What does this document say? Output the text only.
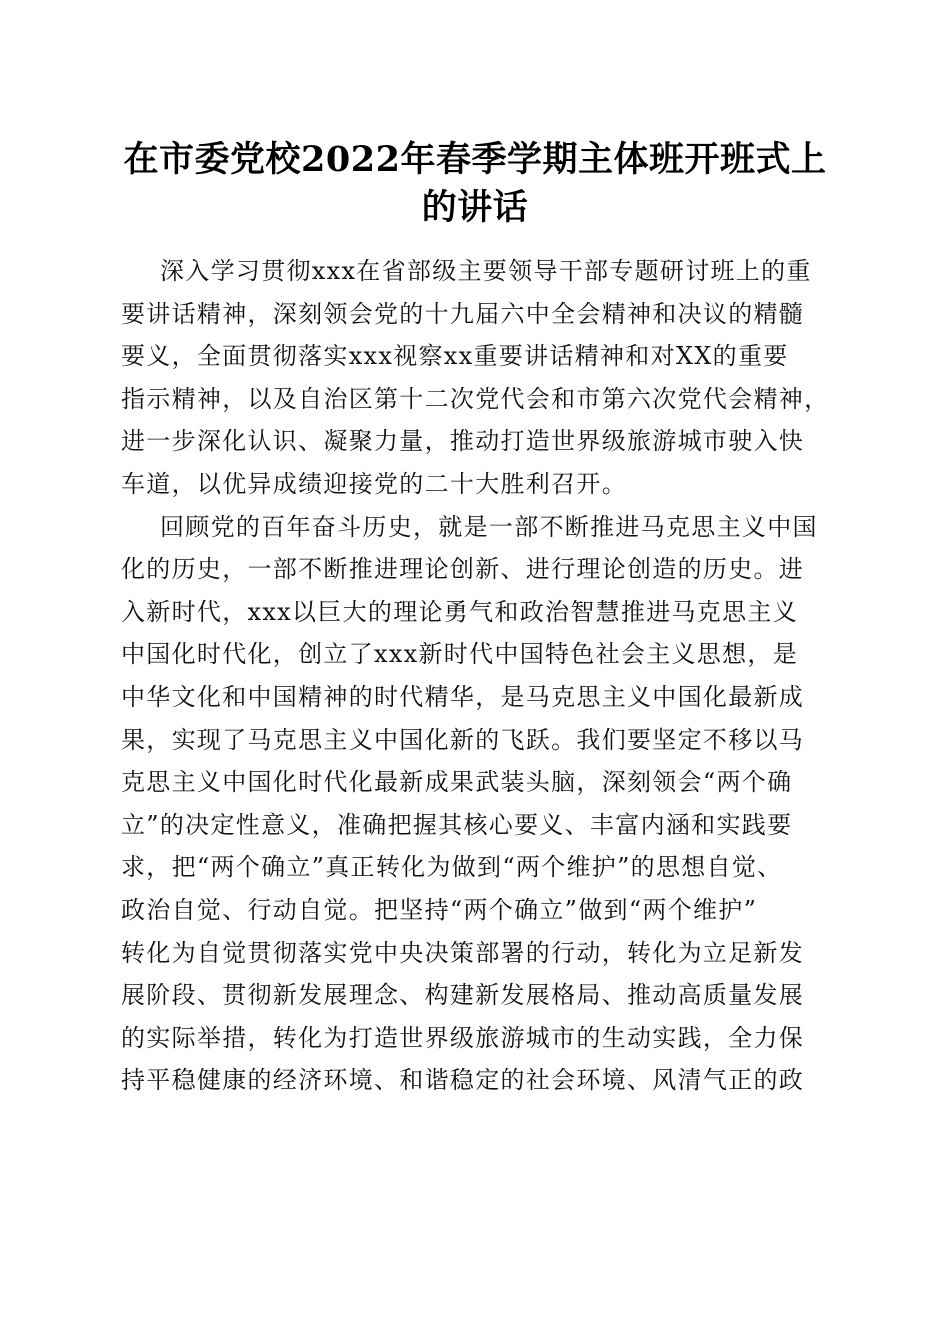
在市委党校2022年春季学期主体班开班式上
的讲话
深入学习贯彻xxx在省部级主要领导干部专题研讨班上的重
要讲话精神，深刻领会党的十九届六中全会精神和决议的精髓
要义，全面贯彻落实xxx视察xx重要讲话精神和对XX的重要
指示精神，以及自治区第十二次党代会和市第六次党代会精神，
进一步深化认识、凝聚力量，推动打造世界级旅游城市驶入快
车道，以优异成绩迎接党的二十大胜利召开。
回顾党的百年奋斗历史，就是一部不断推进马克思主义中国
化的历史，一部不断推进理论创新、进行理论创造的历史。进
入新时代，xxx以巨大的理论勇气和政治智慧推进马克思主义
中国化时代化，创立了xxx新时代中国特色社会主义思想，是
中华文化和中国精神的时代精华，是马克思主义中国化最新成
果，实现了马克思主义中国化新的飞跃。我们要坚定不移以马
克思主义中国化时代化最新成果武装头脑，深刻领会“两个确
立”的决定性意义，准确把握其核心要义、丰富内涵和实践要
求，把“两个确立”真正转化为做到“两个维护”的思想自觉、
政治自觉、行动自觉。把坚持“两个确立”做到“两个维护”
转化为自觉贯彻落实党中央决策部署的行动，转化为立足新发
展阶段、贯彻新发展理念、构建新发展格局、推动高质量发展
的实际举措，转化为打造世界级旅游城市的生动实践，全力保
持平稳健康的经济环境、和谐稳定的社会环境、风清气正的政
